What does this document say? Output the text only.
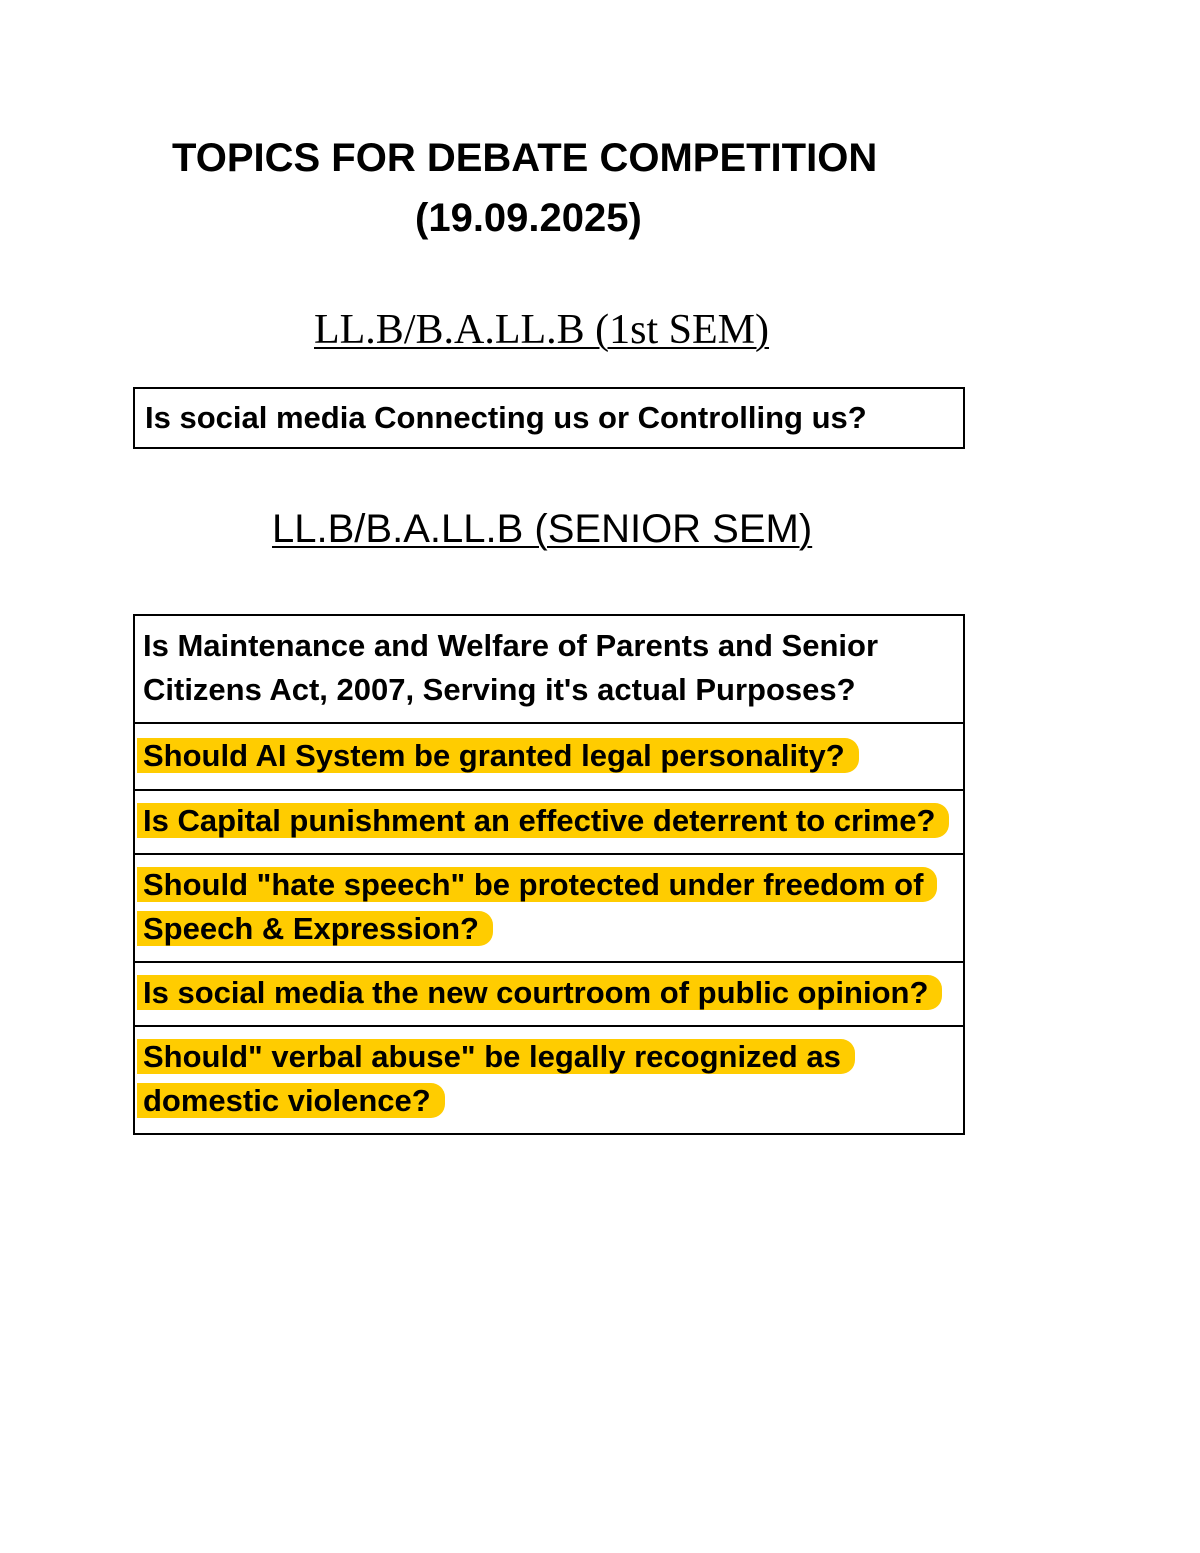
TOPICS FOR DEBATE COMPETITION
(19.09.2025)
LL.B/B.A.LL.B (1st SEM)
Is social media Connecting us or Controlling us?
LL.B/B.A.LL.B (SENIOR SEM)
Is Maintenance and Welfare of Parents and Senior Citizens Act, 2007, Serving it's actual Purposes?
Should AI System be granted legal personality?
Is Capital punishment an effective deterrent to crime?
Should "hate speech" be protected under freedom of Speech & Expression?
Is social media the new courtroom of public opinion?
Should" verbal abuse" be legally recognized as domestic violence?
